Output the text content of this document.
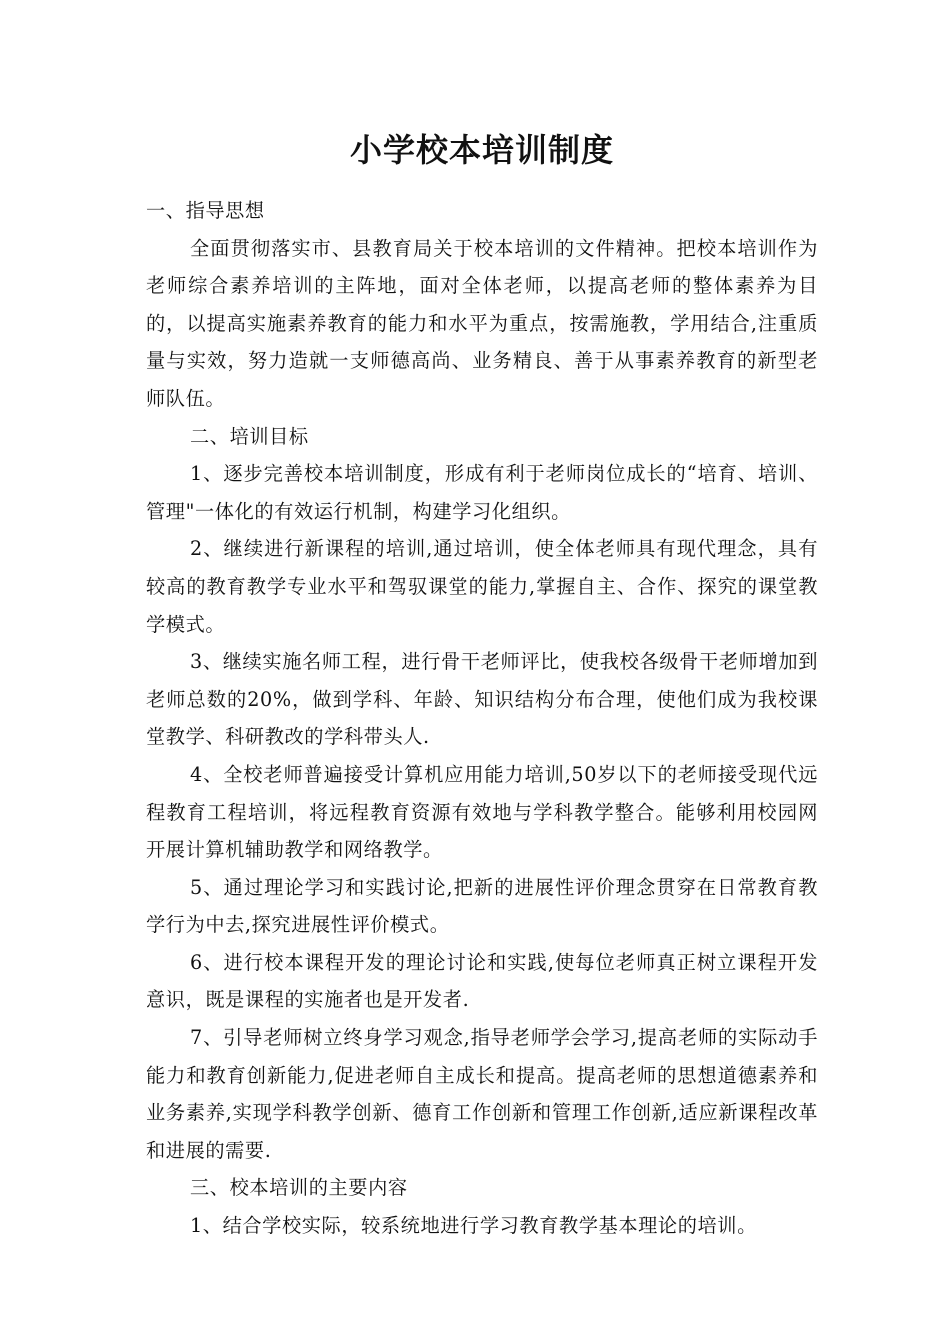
小学校本培训制度

一、指导思想

全面贯彻落实市、县教育局关于校本培训的文件精神。把校本培训作为老师综合素养培训的主阵地，面对全体老师，以提高老师的整体素养为目的，以提高实施素养教育的能力和水平为重点，按需施教，学用结合,注重质量与实效，努力造就一支师德高尚、业务精良、善于从事素养教育的新型老师队伍。

二、培训目标

1、逐步完善校本培训制度，形成有利于老师岗位成长的“培育、培训、管理"一体化的有效运行机制，构建学习化组织。

2、继续进行新课程的培训,通过培训，使全体老师具有现代理念，具有较高的教育教学专业水平和驾驭课堂的能力,掌握自主、合作、探究的课堂教学模式。

3、继续实施名师工程，进行骨干老师评比，使我校各级骨干老师增加到老师总数的20%，做到学科、年龄、知识结构分布合理，使他们成为我校课堂教学、科研教改的学科带头人.

4、全校老师普遍接受计算机应用能力培训,50岁以下的老师接受现代远程教育工程培训，将远程教育资源有效地与学科教学整合。能够利用校园网开展计算机辅助教学和网络教学。

5、通过理论学习和实践讨论,把新的进展性评价理念贯穿在日常教育教学行为中去,探究进展性评价模式。

6、进行校本课程开发的理论讨论和实践,使每位老师真正树立课程开发意识，既是课程的实施者也是开发者.

7、引导老师树立终身学习观念,指导老师学会学习,提高老师的实际动手能力和教育创新能力,促进老师自主成长和提高。提高老师的思想道德素养和业务素养,实现学科教学创新、德育工作创新和管理工作创新,适应新课程改革和进展的需要.

三、校本培训的主要内容

1、结合学校实际，较系统地进行学习教育教学基本理论的培训。
